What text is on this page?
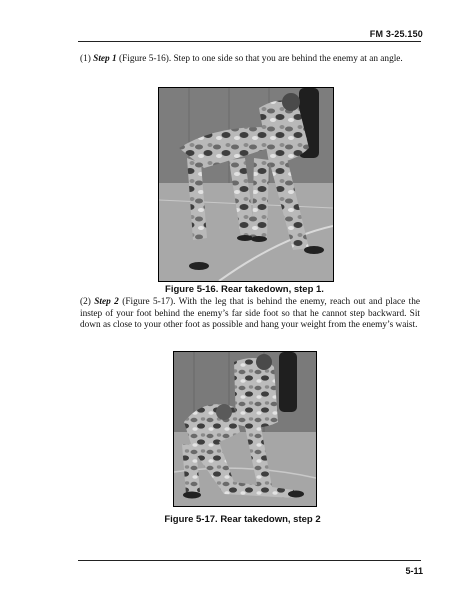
FM 3-25.150

(1) Step 1 (Figure 5-16). Step to one side so that you are behind the enemy at an angle.

Figure 5-16. Rear takedown, step 1.

(2) Step 2 (Figure 5-17). With the leg that is behind the enemy, reach out and place the instep of your foot behind the enemy’s far side foot so that he cannot step backward. Sit down as close to your other foot as possible and hang your weight from the enemy’s waist.

Figure 5-17. Rear takedown, step 2
5-11
